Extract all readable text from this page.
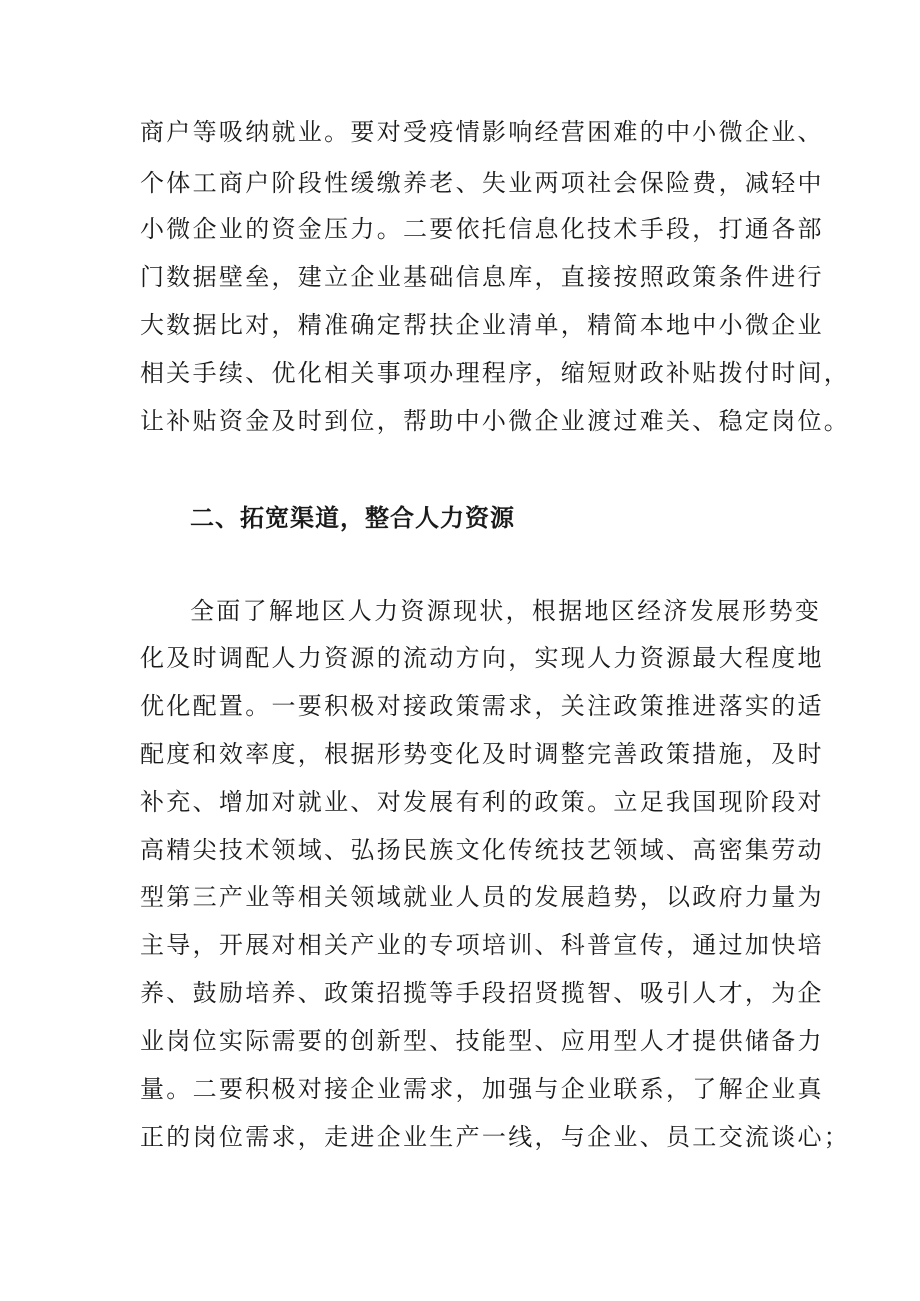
商户等吸纳就业。要对受疫情影响经营困难的中小微企业、
个体工商户阶段性缓缴养老、失业两项社会保险费，减轻中
小微企业的资金压力。二要依托信息化技术手段，打通各部
门数据壁垒，建立企业基础信息库，直接按照政策条件进行
大数据比对，精准确定帮扶企业清单，精简本地中小微企业
相关手续、优化相关事项办理程序，缩短财政补贴拨付时间，
让补贴资金及时到位，帮助中小微企业渡过难关、稳定岗位。
二、拓宽渠道，整合人力资源
全面了解地区人力资源现状，根据地区经济发展形势变
化及时调配人力资源的流动方向，实现人力资源最大程度地
优化配置。一要积极对接政策需求，关注政策推进落实的适
配度和效率度，根据形势变化及时调整完善政策措施，及时
补充、增加对就业、对发展有利的政策。立足我国现阶段对
高精尖技术领域、弘扬民族文化传统技艺领域、高密集劳动
型第三产业等相关领域就业人员的发展趋势，以政府力量为
主导，开展对相关产业的专项培训、科普宣传，通过加快培
养、鼓励培养、政策招揽等手段招贤揽智、吸引人才，为企
业岗位实际需要的创新型、技能型、应用型人才提供储备力
量。二要积极对接企业需求，加强与企业联系，了解企业真
正的岗位需求，走进企业生产一线，与企业、员工交流谈心；
